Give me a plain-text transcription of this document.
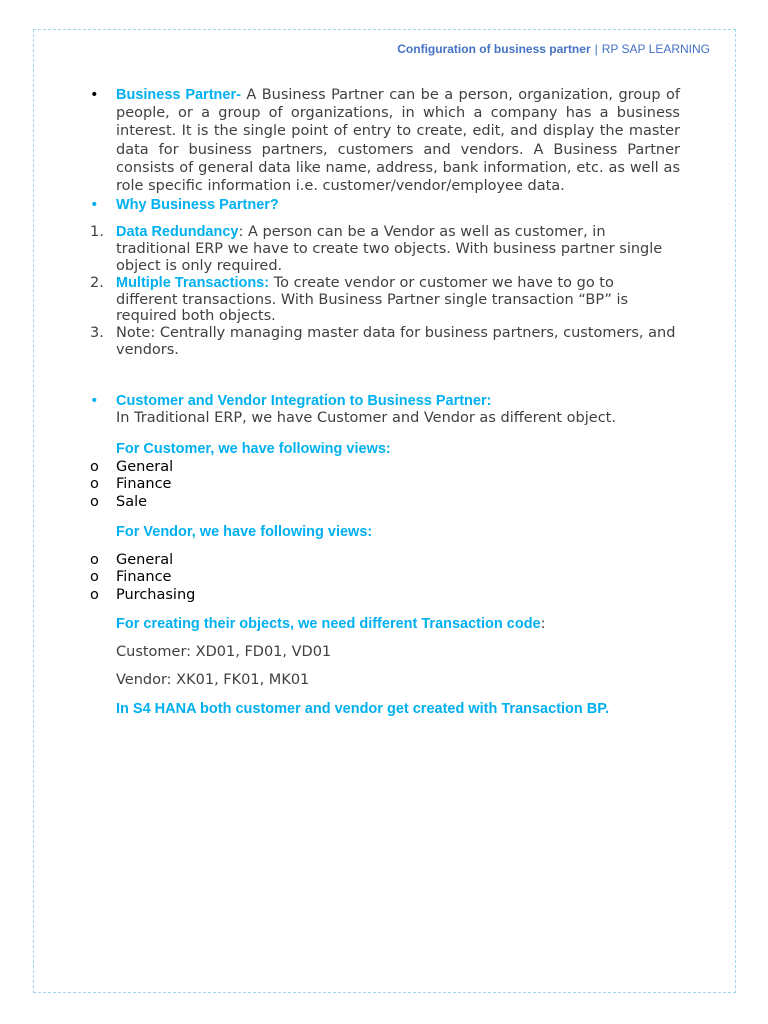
Configuration of business partner | RP SAP LEARNING
• Business Partner- A Business Partner can be a person, organization, group of people, or a group of organizations, in which a company has a business interest. It is the single point of entry to create, edit, and display the master data for business partners, customers and vendors. A Business Partner consists of general data like name, address, bank information, etc. as well as role specific information i.e. customer/vendor/employee data.
• Why Business Partner?
1. Data Redundancy: A person can be a Vendor as well as customer, in traditional ERP we have to create two objects. With business partner single object is only required.
2. Multiple Transactions: To create vendor or customer we have to go to different transactions. With Business Partner single transaction “BP” is required both objects.
3. Note: Centrally managing master data for business partners, customers, and vendors.
• Customer and Vendor Integration to Business Partner:
In Traditional ERP, we have Customer and Vendor as different object.
For Customer, we have following views:
o General
o Finance
o Sale
For Vendor, we have following views:
o General
o Finance
o Purchasing
For creating their objects, we need different Transaction code:
Customer: XD01, FD01, VD01
Vendor: XK01, FK01, MK01
In S4 HANA both customer and vendor get created with Transaction BP.
